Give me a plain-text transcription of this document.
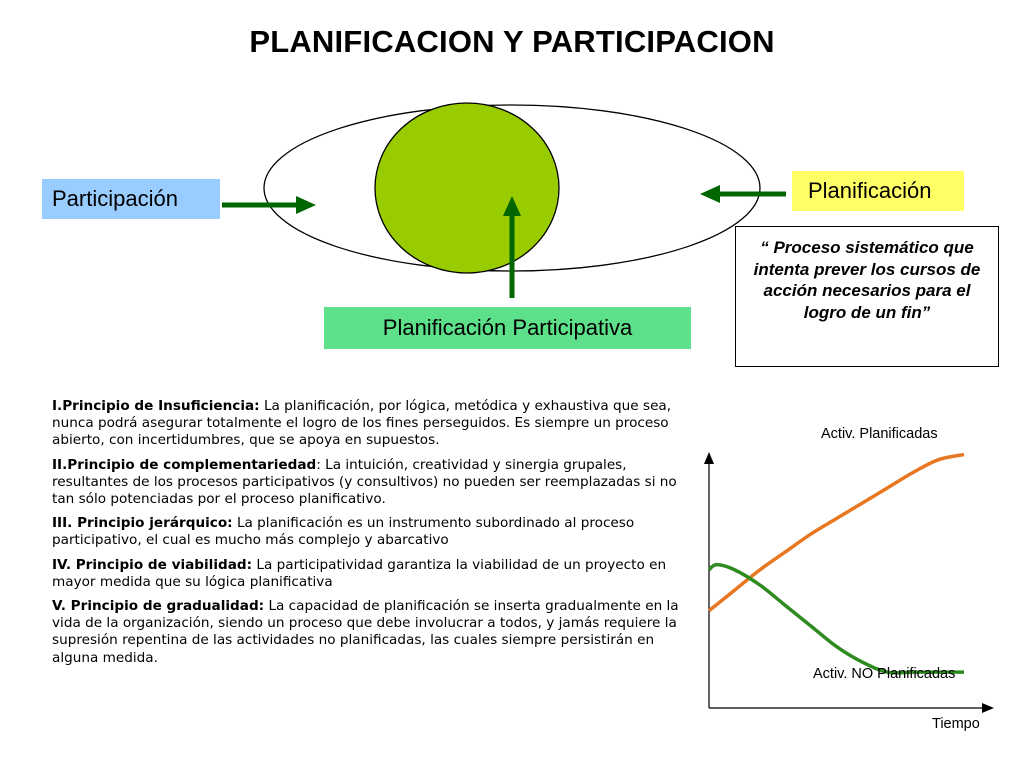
PLANIFICACION Y PARTICIPACION
Participación	Planificación
Planificación Participativa
“ Proceso sistemático que intenta prever los cursos de acción necesarios para el logro de un fin”

I.Principio de Insuficiencia: La planificación, por lógica, metódica y exhaustiva que sea, nunca podrá asegurar totalmente el logro de los fines perseguidos. Es siempre un proceso abierto, con incertidumbres, que se apoya en supuestos.

II.Principio de complementariedad: La intuición, creatividad y sinergia grupales, resultantes de los procesos participativos (y consultivos) no pueden ser reemplazadas si no tan sólo potenciadas por el proceso planificativo.

III. Principio jerárquico: La planificación es un instrumento subordinado al proceso participativo, el cual es mucho más complejo y abarcativo

IV. Principio de viabilidad: La participatividad garantiza la viabilidad de un proyecto en mayor medida que su lógica planificativa

V. Principio de gradualidad: La capacidad de planificación se inserta gradualmente en la vida de la organización, siendo un proceso que debe involucrar a todos, y jamás requiere la supresión repentina de las actividades no planificadas, las cuales siempre persistirán en alguna medida.

Activ. Planificadas
Activ. NO Planificadas
Tiempo
